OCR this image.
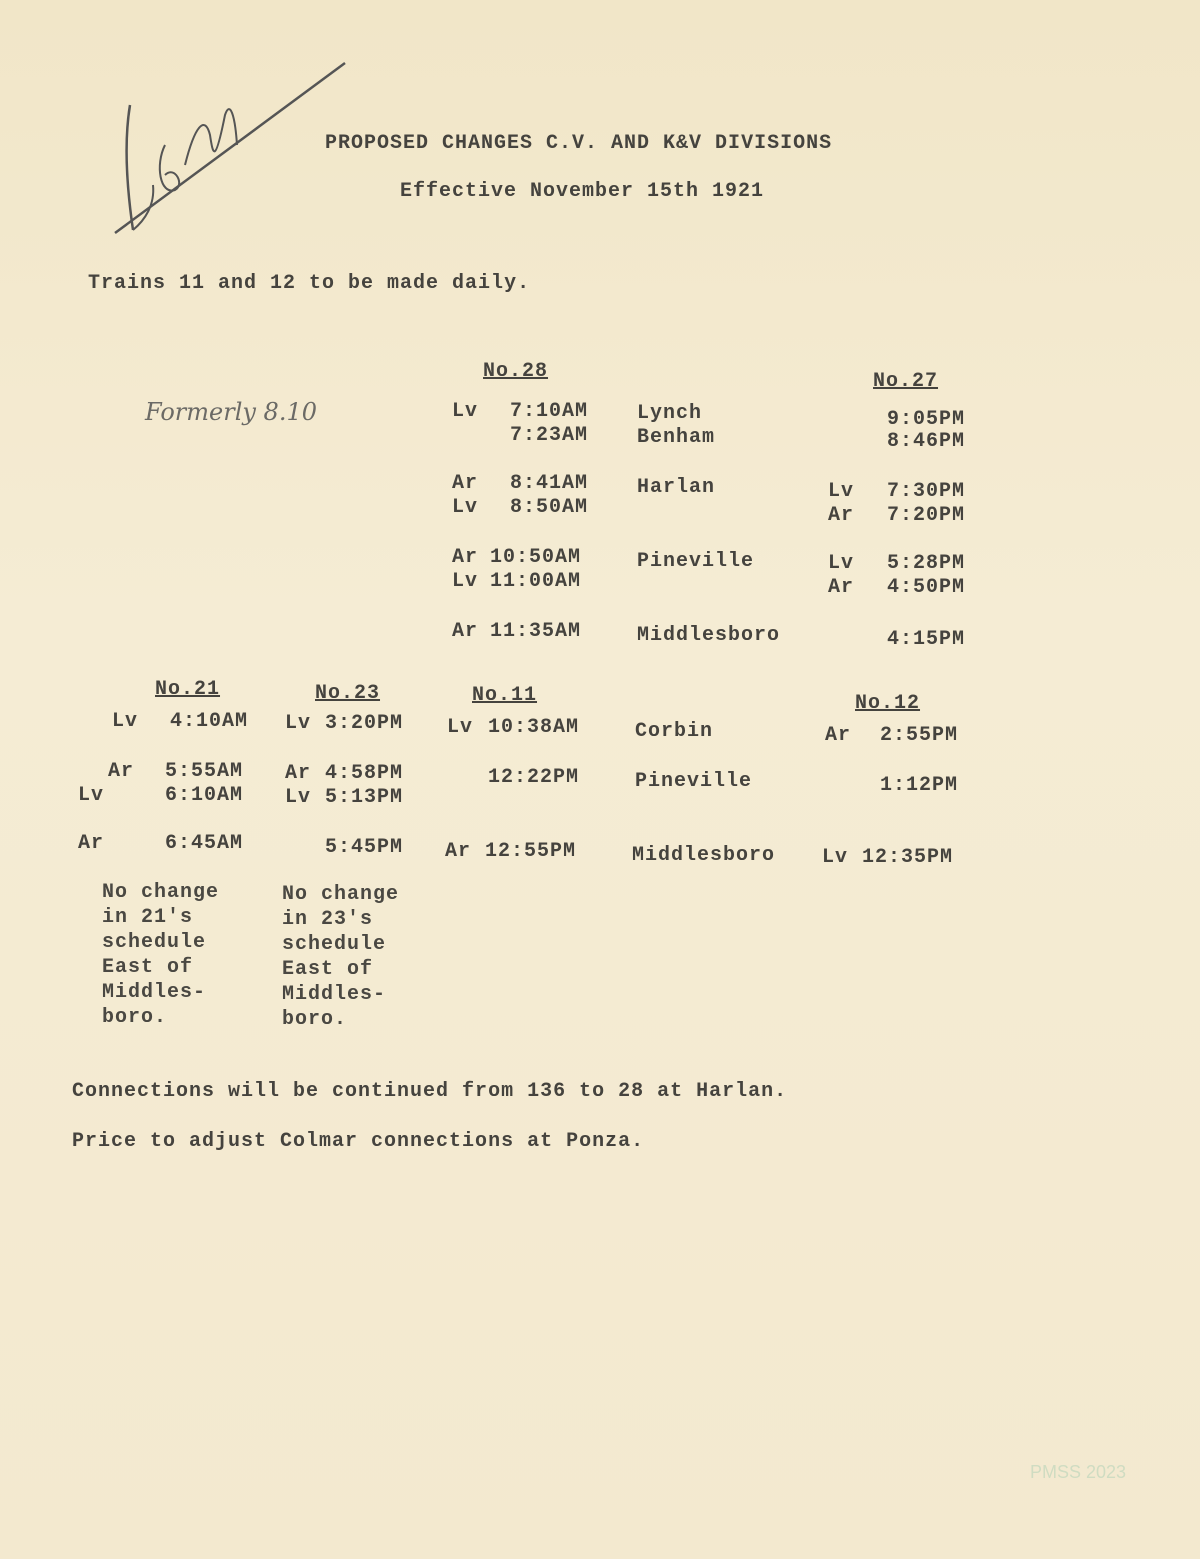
PROPOSED CHANGES C.V. AND K&V DIVISIONS
Effective November 15th 1921
Trains 11 and 12 to be made daily.
Formerly 8.10
No.28	No.27
Lv 7:10AM Lynch	9:05PM
7:23AM Benham	8:46PM
Ar 8:41AM Harlan	Lv 7:30PM
Lv 8:50AM	Ar 7:20PM
Ar 10:50AM	Pineville	Lv 5:28PM
Lv 11:00AM	Ar 4:50PM
Ar 11:35AM	Middlesboro	4:15PM
No.21	No.23	No.11	No.12
Lv 4:10AM Lv 3:20PM Lv 10:38AM	Corbin	Ar 2:55PM
Ar 5:55AM Ar 4:58PM	12:22PM	Pineville	1:12PM
Lv	6:10AM Lv 5:13PM
Ar	6:45AM	5:45PM Ar 12:55PM	Middlesboro Lv 12:35PM
No change
in 21's
schedule
East of
Middles-
boro.
No change
in 23's
schedule
East of
Middles-
boro.
Connections will be continued from 136 to 28 at Harlan.
Price to adjust Colmar connections at Ponza.
PMSS 2023
